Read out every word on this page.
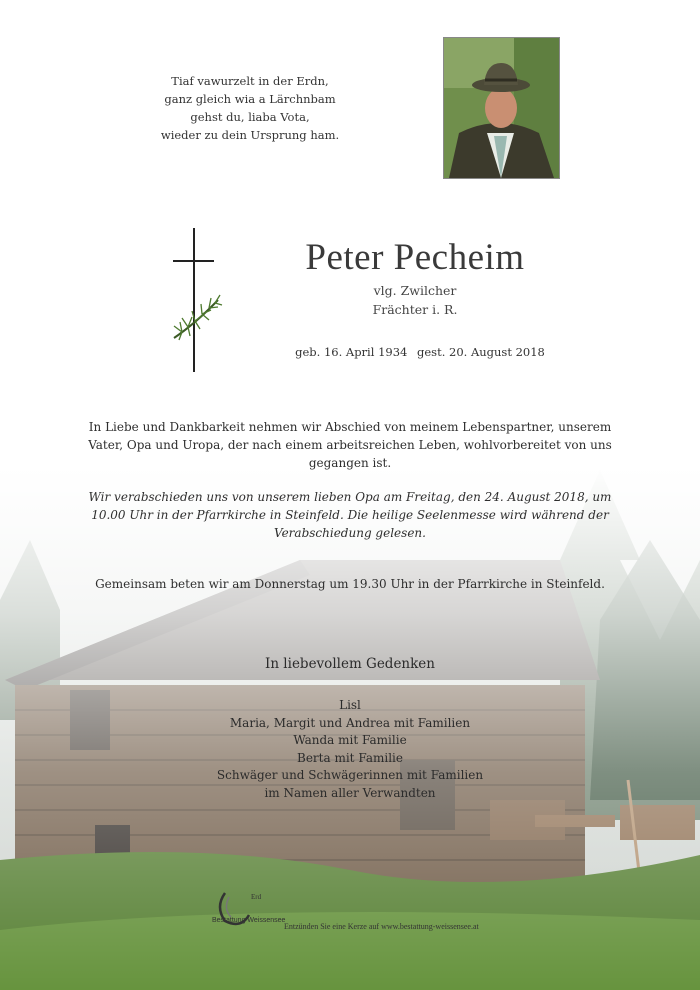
Tiaf vawurzelt in der Erdn,
ganz gleich wia a Lärchnbam
gehst du, liaba Vota,
wieder zu dein Ursprung ham.
Peter Pecheim
vlg. Zwilcher
Frächter i. R.
geb. 16. April 1934 gest. 20. August 2018
In Liebe und Dankbarkeit nehmen wir Abschied von meinem Lebenspartner, unserem Vater, Opa und Uropa, der nach einem arbeitsreichen Leben, wohlvorbereitet von uns gegangen ist.
Wir verabschieden uns von unserem lieben Opa am Freitag, den 24. August 2018, um 10.00 Uhr in der Pfarrkirche in Steinfeld. Die heilige Seelenmesse wird während der Verabschiedung gelesen.
Gemeinsam beten wir am Donnerstag um 19.30 Uhr in der Pfarrkirche in Steinfeld.
In liebevollem Gedenken
Lisl
Maria, Margit und Andrea mit Familien
Wanda mit Familie
Berta mit Familie
Schwäger und Schwägerinnen mit Familien
im Namen aller Verwandten
Erd
Bestattung Weissensee
Entzünden Sie eine Kerze auf www.bestattung-weissensee.at
